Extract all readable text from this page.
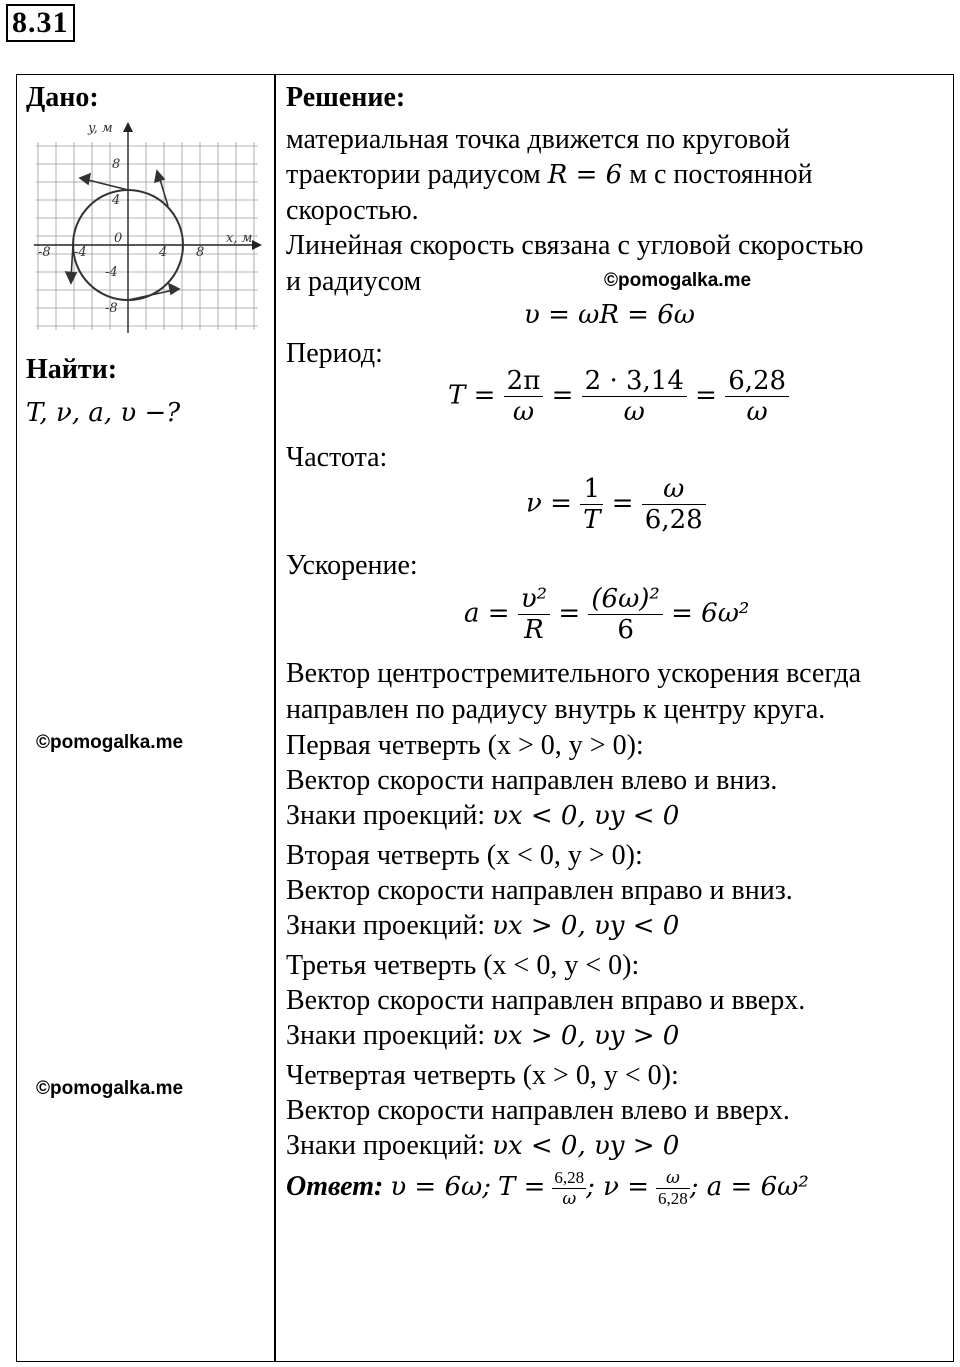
8.31
Дано:
y, м
x, м
8
4
-4
-8
-8 -4	4 8
0
Найти:
T, ν, a, υ −?
©pomogalka.me
©pomogalka.me
Решение:
материальная точка движется по круговой
траектории радиусом R = 6 м с постоянной
скоростью.
Линейная скорость связана с угловой скоростью
и радиусом	©pomogalka.me
υ = ωR = 6ω
Период:
$T = \frac{2\pi}{\omega} = \frac{2 \cdot 3,14}{\omega} = \frac{6,28}{\omega}$
Частота:
$\nu = \frac{1}{T} = \frac{\omega}{6,28}$
Ускорение:
$a = \frac{\text{υ²}}{R} = \frac{\text{(6ω)²}}{6} = 6\omega^2$
Вектор центростремительного ускорения всегда
направлен по радиусу внутрь к центру круга.
Первая четверть (x > 0, y > 0):
Вектор скорости направлен влево и вниз.
Знаки проекций: υx < 0, υy < 0
Вторая четверть (x < 0, y > 0):
Вектор скорости направлен вправо и вниз.
Знаки проекций: υx > 0, υy < 0
Третья четверть (x < 0, y < 0):
Вектор скорости направлен вправо и вверх.
Знаки проекций: υx > 0, υy > 0
Четвертая четверть (x > 0, y < 0):
Вектор скорости направлен влево и вверх.
Знаки проекций: υx < 0, υy > 0
Ответ: υ = 6ω; $T = \frac{6,28}{\omega}$ ; $\nu = \frac{\omega}{6,28}$ ; a = 6ω²
